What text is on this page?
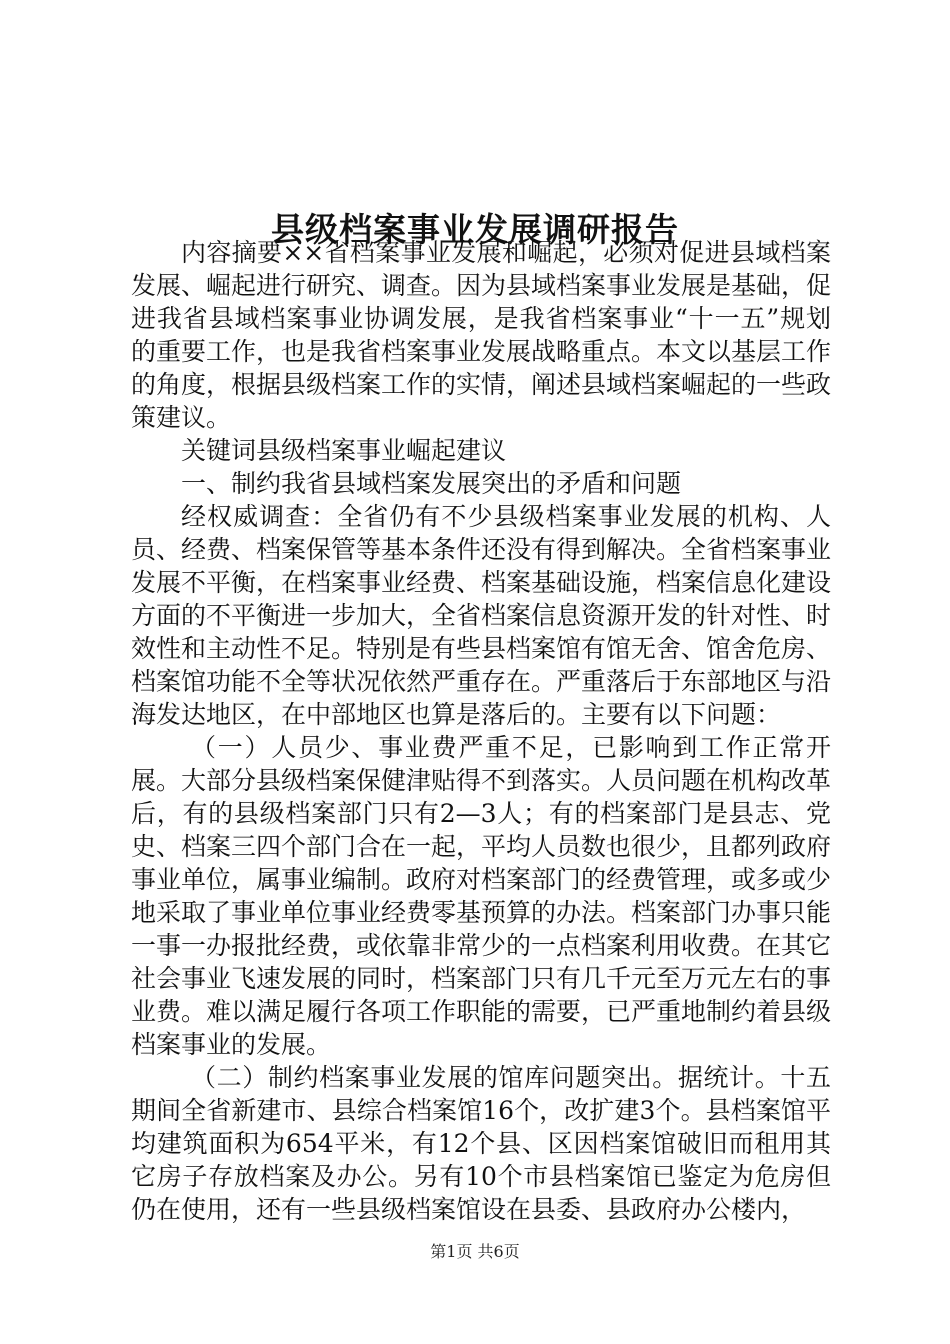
县级档案事业发展调研报告

内容摘要××省档案事业发展和崛起，必须对促进县域档案发展、崛起进行研究、调查。因为县域档案事业发展是基础，促进我省县域档案事业协调发展，是我省档案事业“十一五”规划的重要工作，也是我省档案事业发展战略重点。本文以基层工作的角度，根据县级档案工作的实情，阐述县域档案崛起的一些政策建议。

关键词县级档案事业崛起建议

一、制约我省县域档案发展突出的矛盾和问题

经权威调查：全省仍有不少县级档案事业发展的机构、人员、经费、档案保管等基本条件还没有得到解决。全省档案事业发展不平衡，在档案事业经费、档案基础设施，档案信息化建设方面的不平衡进一步加大，全省档案信息资源开发的针对性、时效性和主动性不足。特别是有些县档案馆有馆无舍、馆舍危房、档案馆功能不全等状况依然严重存在。严重落后于东部地区与沿海发达地区，在中部地区也算是落后的。主要有以下问题：

（一）人员少、事业费严重不足，已影响到工作正常开展。大部分县级档案保健津贴得不到落实。人员问题在机构改革后，有的县级档案部门只有2—3人；有的档案部门是县志、党史、档案三四个部门合在一起，平均人员数也很少，且都列政府事业单位，属事业编制。政府对档案部门的经费管理，或多或少地采取了事业单位事业经费零基预算的办法。档案部门办事只能一事一办报批经费，或依靠非常少的一点档案利用收费。在其它社会事业飞速发展的同时，档案部门只有几千元至万元左右的事业费。难以满足履行各项工作职能的需要，已严重地制约着县级档案事业的发展。

（二）制约档案事业发展的馆库问题突出。据统计。十五期间全省新建市、县综合档案馆16个，改扩建3个。县档案馆平均建筑面积为654平米，有12个县、区因档案馆破旧而租用其它房子存放档案及办公。另有10个市县档案馆已鉴定为危房但仍在使用，还有一些县级档案馆设在县委、县政府办公楼内，

第1页 共6页
